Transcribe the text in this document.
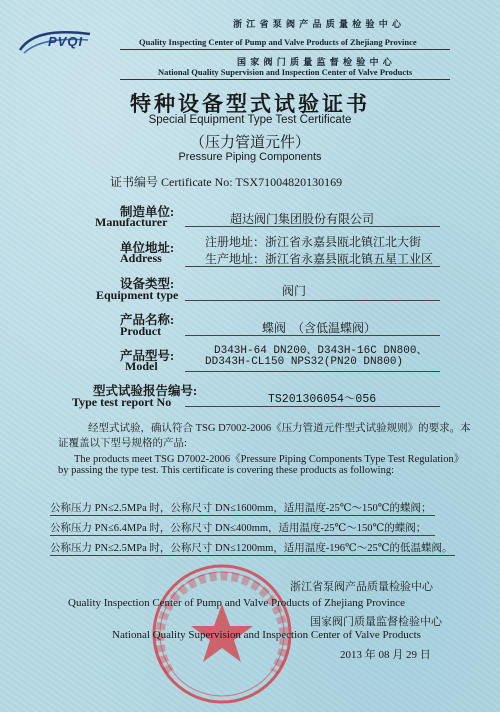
PVQI
浙 江 省 泵 阀 产 品 质 量 检 验 中 心
Quality Inspecting Center of Pump and Valve Products of Zhejiang Province
国 家 阀 门 质 量 监 督 检 验 中 心
National Quality Supervision and Inspection Center of Valve Products
特种设备型式试验证书
Special Equipment Type Test Certificate
（压力管道元件）
Pressure Piping Components
证书编号 Certificate No: TSX71004820130169
制造单位:
Manufacturer	超达阀门集团股份有限公司
单位地址:
Address
注册地址：浙江省永嘉县瓯北镇江北大街
生产地址：浙江省永嘉县瓯北镇五星工业区
设备类型:
Equipment type	阀门
产品名称:
Product	蝶阀　（含低温蝶阀）
产品型号:
Model
D343H-64 DN200、D343H-16C DN800、
DD343H-CL150 NPS32(PN20 DN800)
型式试验报告编号:
Type test report No	TS201306054～056
经型式试验，确认符合 TSG D7002-2006《压力管道元件型式试验规则》的要求。本
证覆盖以下型号规格的产品:
The products meet TSG D7002-2006《Pressure Piping Components Type Test Regulation》
by passing the type test. This certificate is covering these products as following:
公称压力 PN≤2.5MPa 时，公称尺寸 DN≤1600mm，适用温度-25℃～150℃的蝶阀；
公称压力 PN≤6.4MPa 时，公称尺寸 DN≤400mm，适用温度-25℃～150℃的蝶阀；
公称压力 PN≤2.5MPa 时，公称尺寸 DN≤1200mm，适用温度-196℃～25℃的低温蝶阀。
浙江省泵阀产品质量检验中心
Quality Inspection Center of Pump and Valve Products of Zhejiang Province
国家阀门质量监督检验中心
National Quality Supervision and Inspection Center of Valve Products
2013 年 08 月 29 日
